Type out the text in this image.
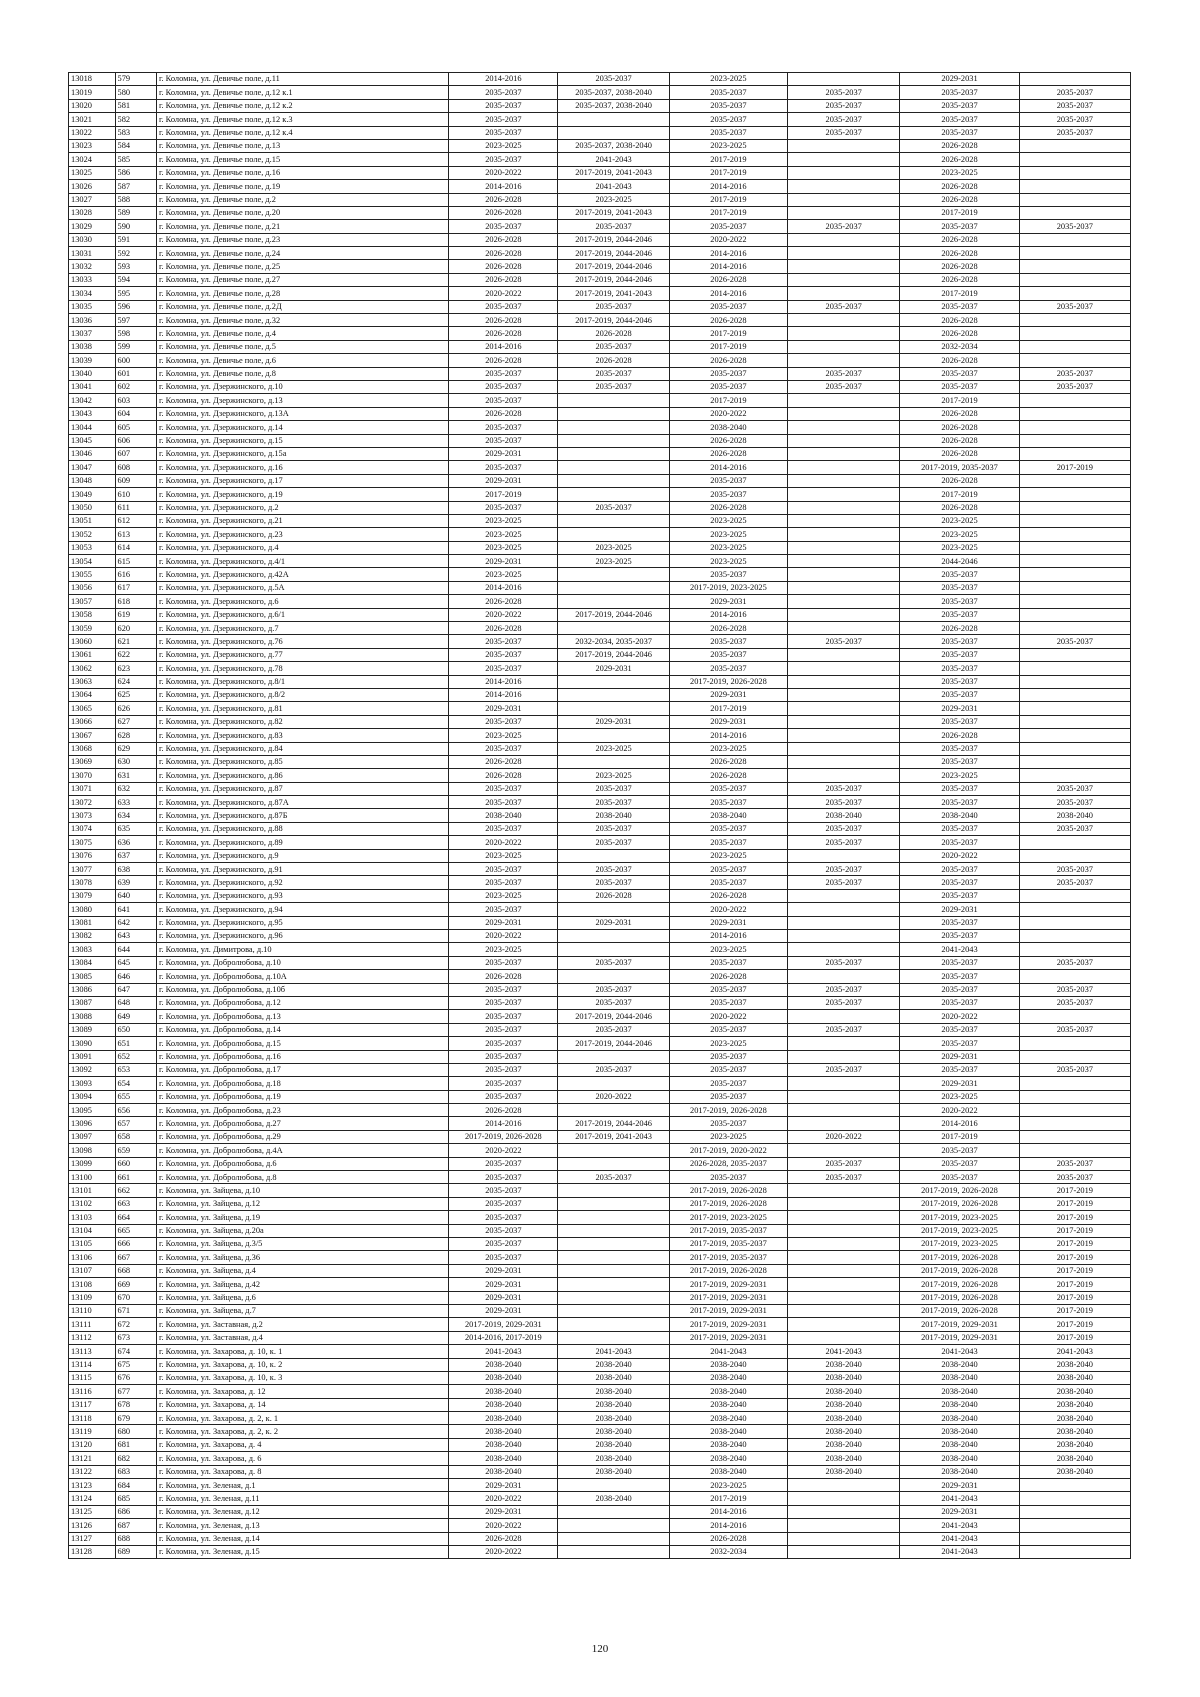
13018	579	г. Коломна, ул. Девичье поле, д.11	2014-2016	2035-2037	2023-2025		2029-2031	
13019	580	г. Коломна, ул. Девичье поле, д.12 к.1	2035-2037	2035-2037, 2038-2040	2035-2037	2035-2037	2035-2037	2035-2037
13020	581	г. Коломна, ул. Девичье поле, д.12 к.2	2035-2037	2035-2037, 2038-2040	2035-2037	2035-2037	2035-2037	2035-2037
13021	582	г. Коломна, ул. Девичье поле, д.12 к.3	2035-2037		2035-2037	2035-2037	2035-2037	2035-2037
13022	583	г. Коломна, ул. Девичье поле, д.12 к.4	2035-2037		2035-2037	2035-2037	2035-2037	2035-2037
13023	584	г. Коломна, ул. Девичье поле, д.13	2023-2025	2035-2037, 2038-2040	2023-2025		2026-2028	
13024	585	г. Коломна, ул. Девичье поле, д.15	2035-2037	2041-2043	2017-2019		2026-2028	
13025	586	г. Коломна, ул. Девичье поле, д.16	2020-2022	2017-2019, 2041-2043	2017-2019		2023-2025	
13026	587	г. Коломна, ул. Девичье поле, д.19	2014-2016	2041-2043	2014-2016		2026-2028	
13027	588	г. Коломна, ул. Девичье поле, д.2	2026-2028	2023-2025	2017-2019		2026-2028	
13028	589	г. Коломна, ул. Девичье поле, д.20	2026-2028	2017-2019, 2041-2043	2017-2019		2017-2019	
13029	590	г. Коломна, ул. Девичье поле, д.21	2035-2037	2035-2037	2035-2037	2035-2037	2035-2037	2035-2037
13030	591	г. Коломна, ул. Девичье поле, д.23	2026-2028	2017-2019, 2044-2046	2020-2022		2026-2028	
13031	592	г. Коломна, ул. Девичье поле, д.24	2026-2028	2017-2019, 2044-2046	2014-2016		2026-2028	
13032	593	г. Коломна, ул. Девичье поле, д.25	2026-2028	2017-2019, 2044-2046	2014-2016		2026-2028	
13033	594	г. Коломна, ул. Девичье поле, д.27	2026-2028	2017-2019, 2044-2046	2026-2028		2026-2028	
13034	595	г. Коломна, ул. Девичье поле, д.28	2020-2022	2017-2019, 2041-2043	2014-2016		2017-2019	
13035	596	г. Коломна, ул. Девичье поле, д.2Д	2035-2037	2035-2037	2035-2037	2035-2037	2035-2037	2035-2037
13036	597	г. Коломна, ул. Девичье поле, д.32	2026-2028	2017-2019, 2044-2046	2026-2028		2026-2028	
13037	598	г. Коломна, ул. Девичье поле, д.4	2026-2028	2026-2028	2017-2019		2026-2028	
13038	599	г. Коломна, ул. Девичье поле, д.5	2014-2016	2035-2037	2017-2019		2032-2034	
13039	600	г. Коломна, ул. Девичье поле, д.6	2026-2028	2026-2028	2026-2028		2026-2028	
13040	601	г. Коломна, ул. Девичье поле, д.8	2035-2037	2035-2037	2035-2037	2035-2037	2035-2037	2035-2037
13041	602	г. Коломна, ул. Дзержинского, д.10	2035-2037	2035-2037	2035-2037	2035-2037	2035-2037	2035-2037
13042	603	г. Коломна, ул. Дзержинского, д.13	2035-2037		2017-2019		2017-2019	
13043	604	г. Коломна, ул. Дзержинского, д.13А	2026-2028		2020-2022		2026-2028	
13044	605	г. Коломна, ул. Дзержинского, д.14	2035-2037		2038-2040		2026-2028	
13045	606	г. Коломна, ул. Дзержинского, д.15	2035-2037		2026-2028		2026-2028	
13046	607	г. Коломна, ул. Дзержинского, д.15а	2029-2031		2026-2028		2026-2028	
13047	608	г. Коломна, ул. Дзержинского, д.16	2035-2037		2014-2016		2017-2019, 2035-2037	2017-2019
13048	609	г. Коломна, ул. Дзержинского, д.17	2029-2031		2035-2037		2026-2028	
13049	610	г. Коломна, ул. Дзержинского, д.19	2017-2019		2035-2037		2017-2019	
13050	611	г. Коломна, ул. Дзержинского, д.2	2035-2037	2035-2037	2026-2028		2026-2028	
13051	612	г. Коломна, ул. Дзержинского, д.21	2023-2025		2023-2025		2023-2025	
13052	613	г. Коломна, ул. Дзержинского, д.23	2023-2025		2023-2025		2023-2025	
13053	614	г. Коломна, ул. Дзержинского, д.4	2023-2025	2023-2025	2023-2025		2023-2025	
13054	615	г. Коломна, ул. Дзержинского, д.4/1	2029-2031	2023-2025	2023-2025		2044-2046	
13055	616	г. Коломна, ул. Дзержинского, д.42А	2023-2025		2035-2037		2035-2037	
13056	617	г. Коломна, ул. Дзержинского, д.5А	2014-2016		2017-2019, 2023-2025		2035-2037	
13057	618	г. Коломна, ул. Дзержинского, д.6	2026-2028		2029-2031		2035-2037	
13058	619	г. Коломна, ул. Дзержинского, д.6/1	2020-2022	2017-2019, 2044-2046	2014-2016		2035-2037	
13059	620	г. Коломна, ул. Дзержинского, д.7	2026-2028		2026-2028		2026-2028	
13060	621	г. Коломна, ул. Дзержинского, д.76	2035-2037	2032-2034, 2035-2037	2035-2037	2035-2037	2035-2037	2035-2037
13061	622	г. Коломна, ул. Дзержинского, д.77	2035-2037	2017-2019, 2044-2046	2035-2037		2035-2037	
13062	623	г. Коломна, ул. Дзержинского, д.78	2035-2037	2029-2031	2035-2037		2035-2037	
13063	624	г. Коломна, ул. Дзержинского, д.8/1	2014-2016		2017-2019, 2026-2028		2035-2037	
13064	625	г. Коломна, ул. Дзержинского, д.8/2	2014-2016		2029-2031		2035-2037	
13065	626	г. Коломна, ул. Дзержинского, д.81	2029-2031		2017-2019		2029-2031	
13066	627	г. Коломна, ул. Дзержинского, д.82	2035-2037	2029-2031	2029-2031		2035-2037	
13067	628	г. Коломна, ул. Дзержинского, д.83	2023-2025		2014-2016		2026-2028	
13068	629	г. Коломна, ул. Дзержинского, д.84	2035-2037	2023-2025	2023-2025		2035-2037	
13069	630	г. Коломна, ул. Дзержинского, д.85	2026-2028		2026-2028		2035-2037	
13070	631	г. Коломна, ул. Дзержинского, д.86	2026-2028	2023-2025	2026-2028		2023-2025	
13071	632	г. Коломна, ул. Дзержинского, д.87	2035-2037	2035-2037	2035-2037	2035-2037	2035-2037	2035-2037
13072	633	г. Коломна, ул. Дзержинского, д.87А	2035-2037	2035-2037	2035-2037	2035-2037	2035-2037	2035-2037
13073	634	г. Коломна, ул. Дзержинского, д.87Б	2038-2040	2038-2040	2038-2040	2038-2040	2038-2040	2038-2040
13074	635	г. Коломна, ул. Дзержинского, д.88	2035-2037	2035-2037	2035-2037	2035-2037	2035-2037	2035-2037
13075	636	г. Коломна, ул. Дзержинского, д.89	2020-2022	2035-2037	2035-2037	2035-2037	2035-2037	
13076	637	г. Коломна, ул. Дзержинского, д.9	2023-2025		2023-2025		2020-2022	
13077	638	г. Коломна, ул. Дзержинского, д.91	2035-2037	2035-2037	2035-2037	2035-2037	2035-2037	2035-2037
13078	639	г. Коломна, ул. Дзержинского, д.92	2035-2037	2035-2037	2035-2037	2035-2037	2035-2037	2035-2037
13079	640	г. Коломна, ул. Дзержинского, д.93	2023-2025	2026-2028	2026-2028		2035-2037	
13080	641	г. Коломна, ул. Дзержинского, д.94	2035-2037		2020-2022		2029-2031	
13081	642	г. Коломна, ул. Дзержинского, д.95	2029-2031	2029-2031	2029-2031		2035-2037	
13082	643	г. Коломна, ул. Дзержинского, д.96	2020-2022		2014-2016		2035-2037	
13083	644	г. Коломна, ул. Димитрова, д.10	2023-2025		2023-2025		2041-2043	
13084	645	г. Коломна, ул. Добролюбова, д.10	2035-2037	2035-2037	2035-2037	2035-2037	2035-2037	2035-2037
13085	646	г. Коломна, ул. Добролюбова, д.10А	2026-2028		2026-2028		2035-2037	
13086	647	г. Коломна, ул. Добролюбова, д.10б	2035-2037	2035-2037	2035-2037	2035-2037	2035-2037	2035-2037
13087	648	г. Коломна, ул. Добролюбова, д.12	2035-2037	2035-2037	2035-2037	2035-2037	2035-2037	2035-2037
13088	649	г. Коломна, ул. Добролюбова, д.13	2035-2037	2017-2019, 2044-2046	2020-2022		2020-2022	
13089	650	г. Коломна, ул. Добролюбова, д.14	2035-2037	2035-2037	2035-2037	2035-2037	2035-2037	2035-2037
13090	651	г. Коломна, ул. Добролюбова, д.15	2035-2037	2017-2019, 2044-2046	2023-2025		2035-2037	
13091	652	г. Коломна, ул. Добролюбова, д.16	2035-2037		2035-2037		2029-2031	
13092	653	г. Коломна, ул. Добролюбова, д.17	2035-2037	2035-2037	2035-2037	2035-2037	2035-2037	2035-2037
13093	654	г. Коломна, ул. Добролюбова, д.18	2035-2037		2035-2037		2029-2031	
13094	655	г. Коломна, ул. Добролюбова, д.19	2035-2037	2020-2022	2035-2037		2023-2025	
13095	656	г. Коломна, ул. Добролюбова, д.23	2026-2028		2017-2019, 2026-2028		2020-2022	
13096	657	г. Коломна, ул. Добролюбова, д.27	2014-2016	2017-2019, 2044-2046	2035-2037		2014-2016	
13097	658	г. Коломна, ул. Добролюбова, д.29	2017-2019, 2026-2028	2017-2019, 2041-2043	2023-2025	2020-2022	2017-2019	
13098	659	г. Коломна, ул. Добролюбова, д.4А	2020-2022		2017-2019, 2020-2022		2035-2037	
13099	660	г. Коломна, ул. Добролюбова, д.6	2035-2037		2026-2028, 2035-2037	2035-2037	2035-2037	2035-2037
13100	661	г. Коломна, ул. Добролюбова, д.8	2035-2037	2035-2037	2035-2037	2035-2037	2035-2037	2035-2037
13101	662	г. Коломна, ул. Зайцева, д.10	2035-2037		2017-2019, 2026-2028		2017-2019, 2026-2028	2017-2019
13102	663	г. Коломна, ул. Зайцева, д.12	2035-2037		2017-2019, 2026-2028		2017-2019, 2026-2028	2017-2019
13103	664	г. Коломна, ул. Зайцева, д.19	2035-2037		2017-2019, 2023-2025		2017-2019, 2023-2025	2017-2019
13104	665	г. Коломна, ул. Зайцева, д.20а	2035-2037		2017-2019, 2035-2037		2017-2019, 2023-2025	2017-2019
13105	666	г. Коломна, ул. Зайцева, д.3/5	2035-2037		2017-2019, 2035-2037		2017-2019, 2023-2025	2017-2019
13106	667	г. Коломна, ул. Зайцева, д.36	2035-2037		2017-2019, 2035-2037		2017-2019, 2026-2028	2017-2019
13107	668	г. Коломна, ул. Зайцева, д.4	2029-2031		2017-2019, 2026-2028		2017-2019, 2026-2028	2017-2019
13108	669	г. Коломна, ул. Зайцева, д.42	2029-2031		2017-2019, 2029-2031		2017-2019, 2026-2028	2017-2019
13109	670	г. Коломна, ул. Зайцева, д.6	2029-2031		2017-2019, 2029-2031		2017-2019, 2026-2028	2017-2019
13110	671	г. Коломна, ул. Зайцева, д.7	2029-2031		2017-2019, 2029-2031		2017-2019, 2026-2028	2017-2019
13111	672	г. Коломна, ул. Заставная, д.2	2017-2019, 2029-2031		2017-2019, 2029-2031		2017-2019, 2029-2031	2017-2019
13112	673	г. Коломна, ул. Заставная, д.4	2014-2016, 2017-2019		2017-2019, 2029-2031		2017-2019, 2029-2031	2017-2019
13113	674	г. Коломна, ул. Захарова, д. 10, к. 1	2041-2043	2041-2043	2041-2043	2041-2043	2041-2043	2041-2043
13114	675	г. Коломна, ул. Захарова, д. 10, к. 2	2038-2040	2038-2040	2038-2040	2038-2040	2038-2040	2038-2040
13115	676	г. Коломна, ул. Захарова, д. 10, к. 3	2038-2040	2038-2040	2038-2040	2038-2040	2038-2040	2038-2040
13116	677	г. Коломна, ул. Захарова, д. 12	2038-2040	2038-2040	2038-2040	2038-2040	2038-2040	2038-2040
13117	678	г. Коломна, ул. Захарова, д. 14	2038-2040	2038-2040	2038-2040	2038-2040	2038-2040	2038-2040
13118	679	г. Коломна, ул. Захарова, д. 2, к. 1	2038-2040	2038-2040	2038-2040	2038-2040	2038-2040	2038-2040
13119	680	г. Коломна, ул. Захарова, д. 2, к. 2	2038-2040	2038-2040	2038-2040	2038-2040	2038-2040	2038-2040
13120	681	г. Коломна, ул. Захарова, д. 4	2038-2040	2038-2040	2038-2040	2038-2040	2038-2040	2038-2040
13121	682	г. Коломна, ул. Захарова, д. 6	2038-2040	2038-2040	2038-2040	2038-2040	2038-2040	2038-2040
13122	683	г. Коломна, ул. Захарова, д. 8	2038-2040	2038-2040	2038-2040	2038-2040	2038-2040	2038-2040
13123	684	г. Коломна, ул. Зеленая, д.1	2029-2031		2023-2025		2029-2031	
13124	685	г. Коломна, ул. Зеленая, д.11	2020-2022	2038-2040	2017-2019		2041-2043	
13125	686	г. Коломна, ул. Зеленая, д.12	2029-2031		2014-2016		2029-2031	
13126	687	г. Коломна, ул. Зеленая, д.13	2020-2022		2014-2016		2041-2043	
13127	688	г. Коломна, ул. Зеленая, д.14	2026-2028		2026-2028		2041-2043	
13128	689	г. Коломна, ул. Зеленая, д.15	2020-2022		2032-2034		2041-2043	
120
